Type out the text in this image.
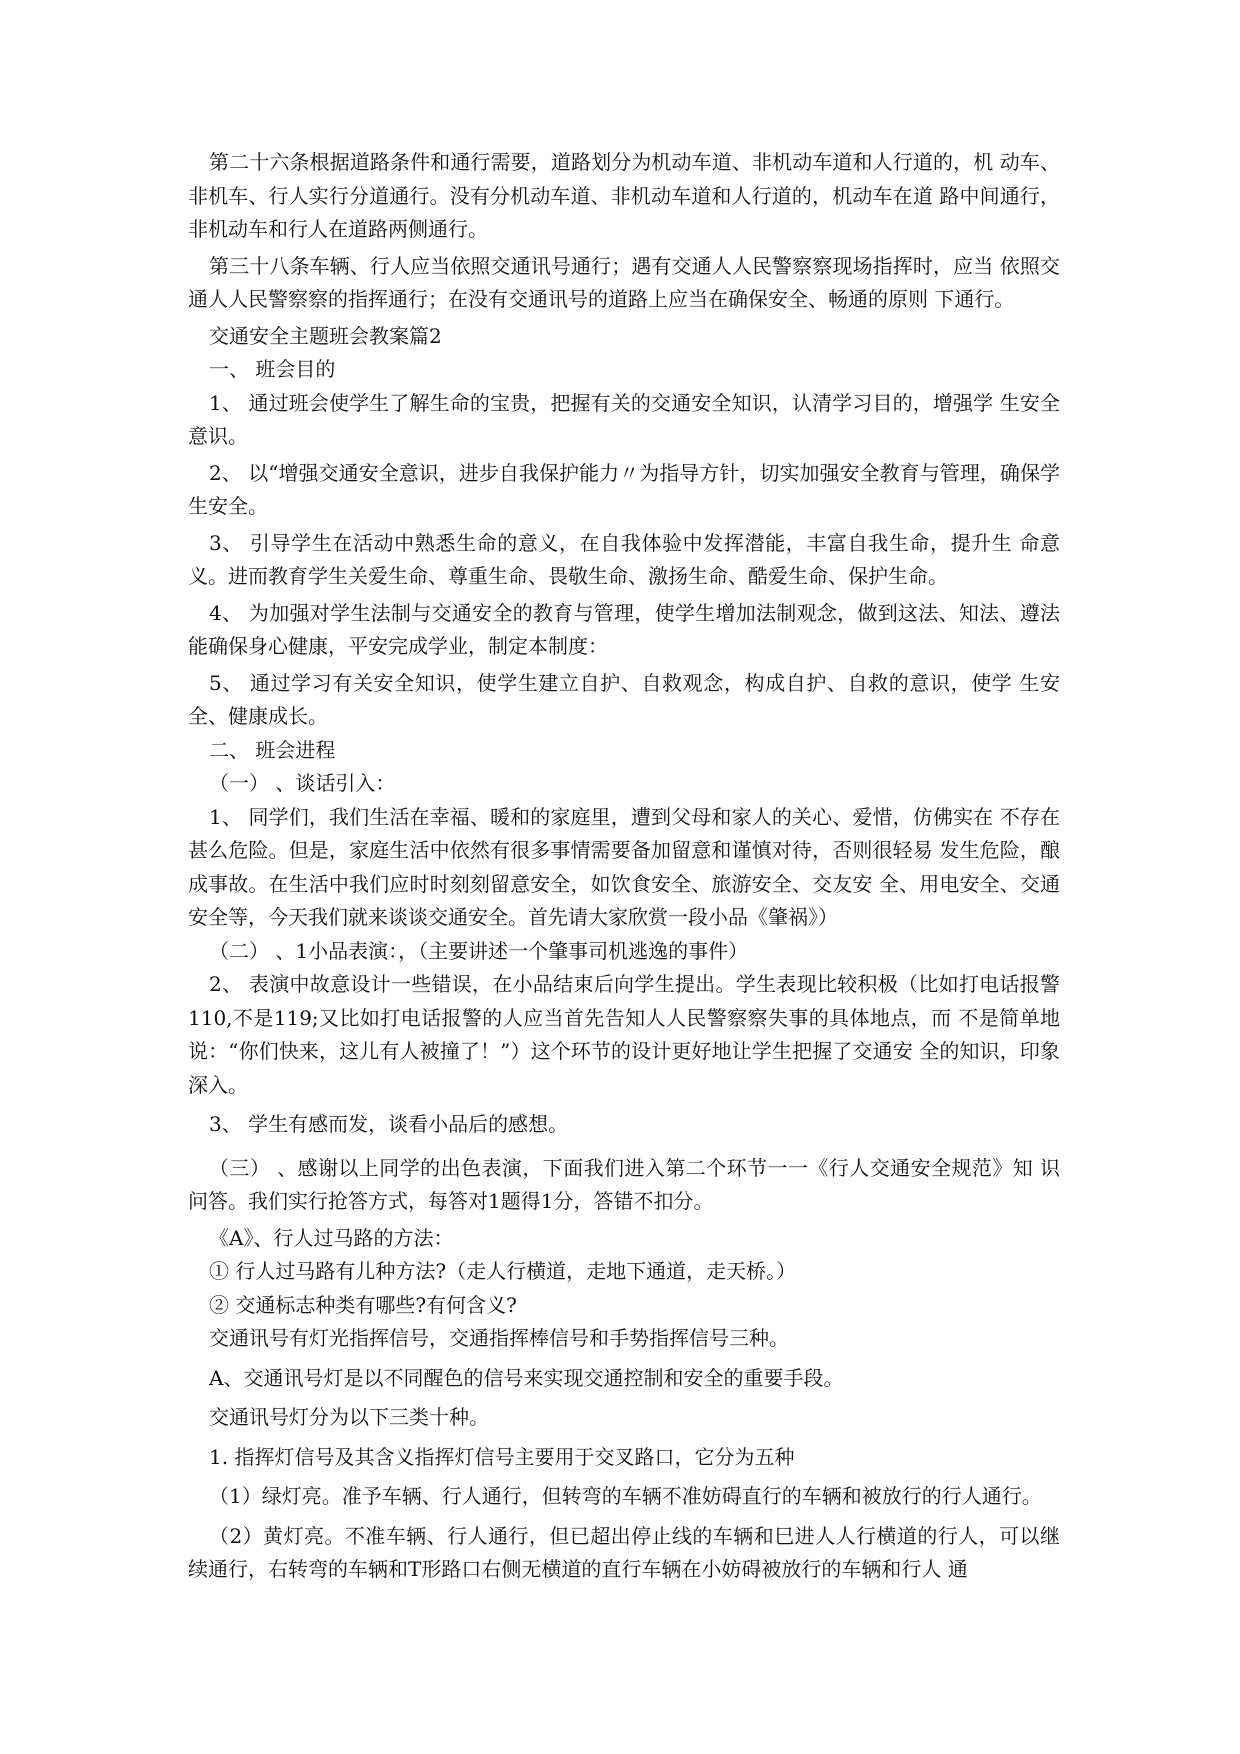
第二十六条根据道路条件和通行需要，道路划分为机动车道、非机动车道和人行道的，机 动车、非机车、行人实行分道通行。没有分机动车道、非机动车道和人行道的，机动车在道 路中间通行，非机动车和行人在道路两侧通行。

第三十八条车辆、行人应当依照交通讯号通行；遇有交通人人民警察察现场指挥时，应当 依照交通人人民警察察的指挥通行；在没有交通讯号的道路上应当在确保安全、畅通的原则 下通行。

交通安全主题班会教案篇2

一、 班会目的

1、 通过班会使学生了解生命的宝贵，把握有关的交通安全知识，认清学习目的，增强学 生安全意识。

2、 以“增强交通安全意识，进步自我保护能力〃为指导方针，切实加强安全教育与管理，确保学生安全。

3、 引导学生在活动中熟悉生命的意义，在自我体验中发挥潜能，丰富自我生命，提升生 命意义。进而教育学生关爱生命、尊重生命、畏敬生命、激扬生命、酷爱生命、保护生命。

4、 为加强对学生法制与交通安全的教育与管理，使学生增加法制观念，做到这法、知法、遵法能确保身心健康，平安完成学业，制定本制度：

5、 通过学习有关安全知识，使学生建立自护、自救观念，构成自护、自救的意识，使学 生安全、健康成长。

二、 班会进程

（一） 、谈话引入：

1、 同学们，我们生活在幸福、暖和的家庭里，遭到父母和家人的关心、爱惜，仿佛实在 不存在甚么危险。但是，家庭生活中依然有很多事情需要备加留意和谨慎对待，否则很轻易 发生危险，酿成事故。在生活中我们应时时刻刻留意安全，如饮食安全、旅游安全、交友安 全、用电安全、交通安全等，今天我们就来谈谈交通安全。首先请大家欣赏一段小品《肇祸》）

（二） 、1小品表演：，（主要讲述一个肇事司机逃逸的事件）

2、 表演中故意设计一些错误，在小品结束后向学生提出。学生表现比较积极（比如打电话报警110,不是119;又比如打电话报警的人应当首先告知人人民警察察失事的具体地点，而 不是简单地说：“你们快来，这儿有人被撞了！”）这个环节的设计更好地让学生把握了交通安 全的知识，印象深入。

3、 学生有感而发，谈看小品后的感想。

（三） 、感谢以上同学的出色表演，下面我们进入第二个环节一一《行人交通安全规范》知 识问答。我们实行抢答方式，每答对1题得1分，答错不扣分。

《A》、行人过马路的方法：

① 行人过马路有儿种方法?（走人行横道，走地下通道，走天桥。）

② 交通标志种类有哪些?有何含义?

交通讯号有灯光指挥信号，交通指挥棒信号和手势指挥信号三种。

A、交通讯号灯是以不同醒色的信号来实现交通控制和安全的重要手段。

交通讯号灯分为以下三类十种。

1. 指挥灯信号及其含义指挥灯信号主要用于交叉路口，它分为五种

（1）绿灯亮。准予车辆、行人通行，但转弯的车辆不准妨碍直行的车辆和被放行的行人通行。

（2）黄灯亮。不准车辆、行人通行，但已超出停止线的车辆和巳进人人行横道的行人，可以继续通行，右转弯的车辆和T形路口右侧无横道的直行车辆在小妨碍被放行的车辆和行人 通
